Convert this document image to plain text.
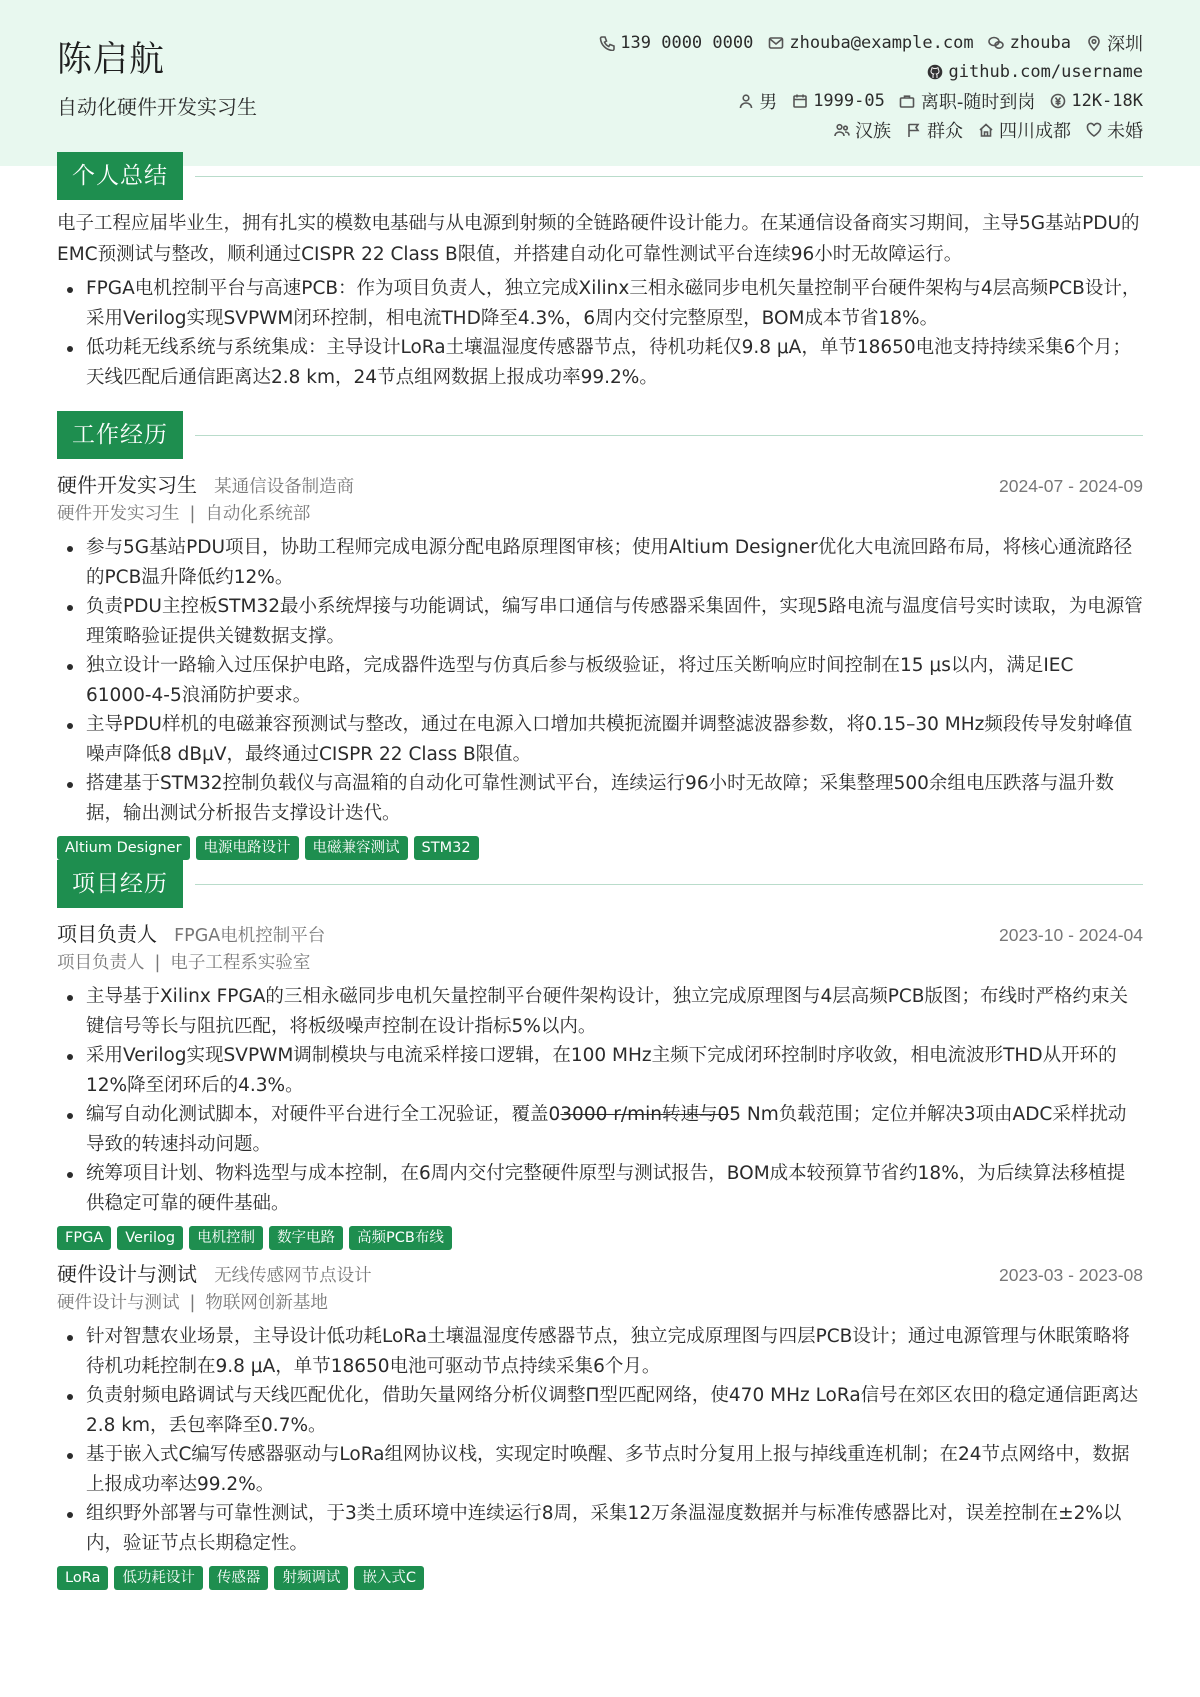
陈启航
自动化硬件开发实习生
139 0000 0000 zhouba@example.com zhouba 深圳
github.com/username
男 1999-05 离职-随时到岗 12K-18K
汉族 群众 四川成都 未婚
个人总结
电子工程应届毕业生，拥有扎实的模数电基础与从电源到射频的全链路硬件设计能力。在某通信设备商实习期间，主导5G基站PDU的EMC预测试与整改，顺利通过CISPR 22 Class B限值，并搭建自动化可靠性测试平台连续96小时无故障运行。
FPGA电机控制平台与高速PCB：作为项目负责人，独立完成Xilinx三相永磁同步电机矢量控制平台硬件架构与4层高频PCB设计，采用Verilog实现SVPWM闭环控制，相电流THD降至4.3%，6周内交付完整原型，BOM成本节省18%。
低功耗无线系统与系统集成：主导设计LoRa土壤温湿度传感器节点，待机功耗仅9.8 μA，单节18650电池支持持续采集6个月；天线匹配后通信距离达2.8 km，24节点组网数据上报成功率99.2%。
工作经历
硬件开发实习生 某通信设备制造商	2024-07 - 2024-09
硬件开发实习生 | 自动化系统部
参与5G基站PDU项目，协助工程师完成电源分配电路原理图审核；使用Altium Designer优化大电流回路布局，将核心通流路径的PCB温升降低约12%。
负责PDU主控板STM32最小系统焊接与功能调试，编写串口通信与传感器采集固件，实现5路电流与温度信号实时读取，为电源管理策略验证提供关键数据支撑。
独立设计一路输入过压保护电路，完成器件选型与仿真后参与板级验证，将过压关断响应时间控制在15 μs以内，满足IEC 61000-4-5浪涌防护要求。
主导PDU样机的电磁兼容预测试与整改，通过在电源入口增加共模扼流圈并调整滤波器参数，将0.15–30 MHz频段传导发射峰值噪声降低8 dBμV，最终通过CISPR 22 Class B限值。
搭建基于STM32控制负载仪与高温箱的自动化可靠性测试平台，连续运行96小时无故障；采集整理500余组电压跌落与温升数据，输出测试分析报告支撑设计迭代。
Altium Designer	电源电路设计	电磁兼容测试	STM32
项目经历
项目负责人 FPGA电机控制平台	2023-10 - 2024-04
项目负责人 | 电子工程系实验室
主导基于Xilinx FPGA的三相永磁同步电机矢量控制平台硬件架构设计，独立完成原理图与4层高频PCB版图；布线时严格约束关键信号等长与阻抗匹配，将板级噪声控制在设计指标5%以内。
采用Verilog实现SVPWM调制模块与电流采样接口逻辑，在100 MHz主频下完成闭环控制时序收敛，相电流波形THD从开环的12%降至闭环后的4.3%。
编写自动化测试脚本，对硬件平台进行全工况验证，覆盖03000 r/min转速与05 Nm负载范围；定位并解决3项由ADC采样扰动导致的转速抖动问题。
统筹项目计划、物料选型与成本控制，在6周内交付完整硬件原型与测试报告，BOM成本较预算节省约18%，为后续算法移植提供稳定可靠的硬件基础。
FPGA	Verilog	电机控制	数字电路	高频PCB布线
硬件设计与测试 无线传感网节点设计	2023-03 - 2023-08
硬件设计与测试 | 物联网创新基地
针对智慧农业场景，主导设计低功耗LoRa土壤温湿度传感器节点，独立完成原理图与四层PCB设计；通过电源管理与休眠策略将待机功耗控制在9.8 μA，单节18650电池可驱动节点持续采集6个月。
负责射频电路调试与天线匹配优化，借助矢量网络分析仪调整Π型匹配网络，使470 MHz LoRa信号在郊区农田的稳定通信距离达2.8 km，丢包率降至0.7%。
基于嵌入式C编写传感器驱动与LoRa组网协议栈，实现定时唤醒、多节点时分复用上报与掉线重连机制；在24节点网络中，数据上报成功率达99.2%。
组织野外部署与可靠性测试，于3类土质环境中连续运行8周，采集12万条温湿度数据并与标准传感器比对，误差控制在±2%以内，验证节点长期稳定性。
LoRa	低功耗设计	传感器	射频调试	嵌入式C
